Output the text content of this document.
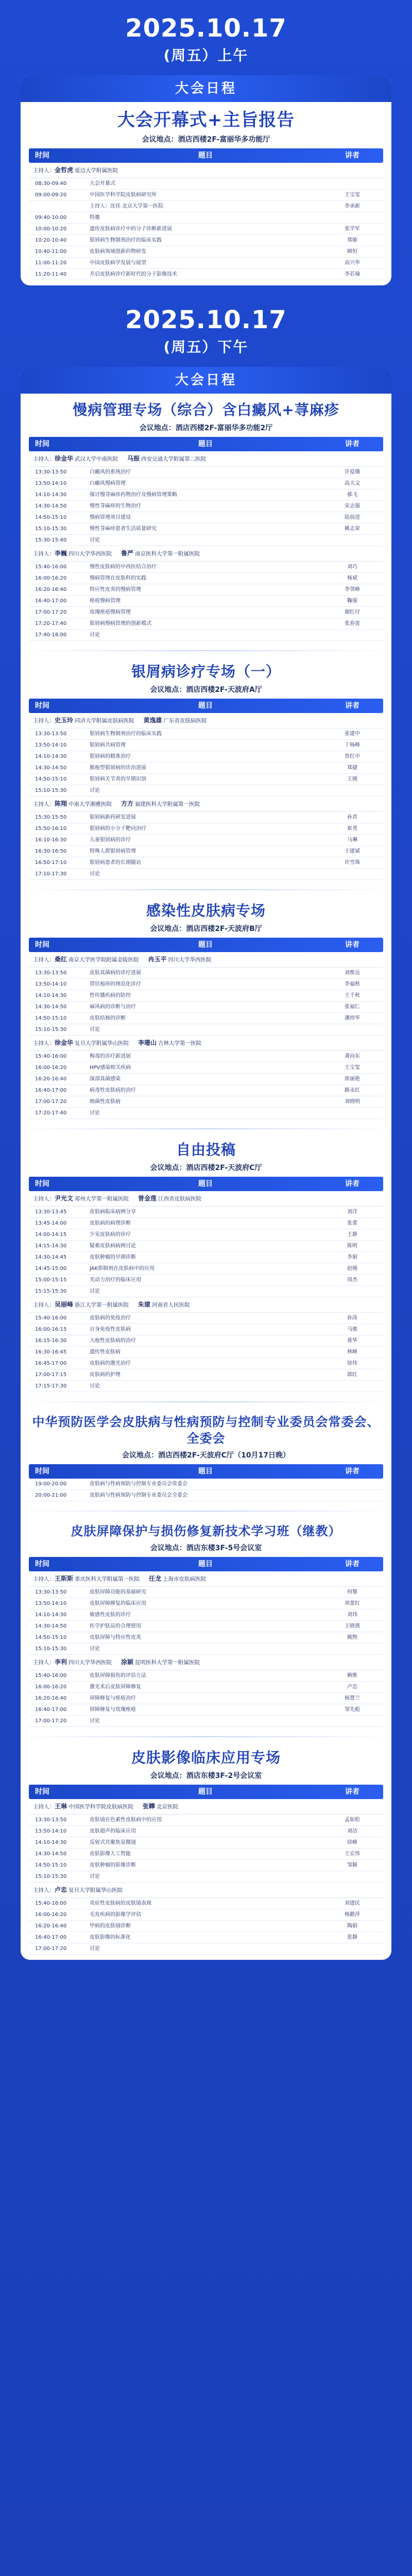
2025.10.17
(周五）上午
大会日程
大会开幕式+主旨报告
会议地点：酒店西楼2F-富丽华多功能厅
时间	题目	讲者
主持人：金哲虎 延边大学附属医院
08:30-09:40	大会开幕式
09:00-09:20	中国医学科学院皮肤病研究所	王宝玺
主持人：沈佳 北京大学第一医院	李承新
09:40-10:00	特邀
10:00-10:20	遗传皮肤病诊疗中的分子诊断新进展	张学军
10:20-10:40	银屑病生物制剂治疗的临床实践	郑敏
10:40-11:00	皮肤病领域创新药物研发	顾恒
11:00-11:20	中国皮肤病学发展与展望	高兴华
11:20-11:40	开启皮肤病诊疗新时代的分子影像技术	李若瑜
2025.10.17
(周五）下午
大会日程
慢病管理专场（综合）含白癜风+荨麻疹
会议地点：酒店西楼2F-富丽华多功能2厅
时间	题目	讲者
主持人：徐金华 武汉大学中南医院 马振 西安交通大学附属第二医院
13:30-13:50	白癜风的系统治疗	许爱娥
13:50-14:10	白癜风慢病管理	高天文
14:10-14:30	探讨慢荨麻疹药物治疗及慢病管理策略	郝飞
14:30-14:50	慢性荨麻疹的生物治疗	宋志强
14:50-15:10	慢病管理项目建设	陆前进
15:10-15:30	慢性荨麻疹患者生活质量研究	姚志荣
15:30-15:40	讨论
主持人：李巍 四川大学华西医院 鲁严 南京医科大学第一附属医院
15:40-16:00	慢性皮肤病的中西医结合治疗	刘巧
16:00-16:20	慢病管理在皮肤科的实践	杨斌
16:20-16:40	特应性皮炎的慢病管理	李邻峰
16:40-17:00	痤疮慢病管理	鞠强
17:00-17:20	玫瑰痤疮慢病管理	谢红付
17:20-17:40	银屑病慢病管理的创新模式	张春雷
17:40-18:00	讨论
银屑病诊疗专场（一）
会议地点：酒店西楼2F-天波府A厅
时间	题目	讲者
主持人：史玉玲 同济大学附属皮肤病医院 黄逸雄 广东省皮肤病医院
13:30-13:50	银屑病生物制剂治疗的临床实践	张建中
13:50-14:10	银屑病共病管理	丁杨峰
14:10-14:30	银屑病的精准治疗	晋红中
14:30-14:50	脓疱型银屑病的诊治进展	郑捷
14:50-15:10	银屑病关节炎的早期识别	王刚
15:10-15:30	讨论
主持人：陈翔 中南大学湘雅医院 方方 福建医科大学附属第一医院
15:30-15:50	银屑病新药研发进展	孙青
15:50-16:10	银屑病的小分子靶向治疗	崔勇
16:10-16:30	儿童银屑病的诊疗	马琳
16:30-16:50	特殊人群银屑病管理	于建斌
16:50-17:10	银屑病患者的长期随访	许雪珠
17:10-17:30	讨论
感染性皮肤病专场
会议地点：酒店西楼2F-天波府B厅
时间	题目	讲者
主持人：桑红 南京大学医学院附属金陵医院 冉玉平 四川大学华西医院
13:30-13:50	皮肤真菌病的诊疗进展	刘维达
13:50-14:10	带状疱疹的规范化诊疗	李福秋
14:10-14:30	性传播疾病的防控	王千秋
14:30-14:50	麻风病的诊断与治疗	张福仁
14:50-15:10	皮肤结核的诊断	潘炜华
15:10-15:30	讨论
主持人：徐金华 复旦大学附属华山医院 李珊山 吉林大学第一医院
15:40-16:00	梅毒的诊疗新进展	龚向东
16:00-16:20	HPV感染相关疾病	王宝玺
16:20-16:40	深部真菌感染	席丽艳
16:40-17:00	病毒性皮肤病的治疗	路永红
17:00-17:20	细菌性皮肤病	刘晓明
17:20-17:40	讨论
自由投稿
会议地点：酒店西楼2F-天波府C厅
时间	题目	讲者
主持人：尹光文 郑州大学第一附属医院 曾金莲 江西省皮肤病医院
13:30-13:45	皮肤病临床病例分享	刘洋
13:45-14:00	皮肤病的病理诊断	张蕾
14:00-14:15	少见皮肤病的诊疗	王静
14:15-14:30	疑难皮肤病病例讨论	陈明
14:30-14:45	皮肤肿瘤的早期诊断	李娟
14:45-15:00	JAK抑制剂在皮肤病中的应用	赵刚
15:00-15:15	光动力治疗的临床应用	周杰
15:15-15:30	讨论
主持人：吴丽峰 浙江大学第一附属医院 朱建 河南省人民医院
15:40-16:00	皮肤病的免疫治疗	孙涛
16:00-16:15	自身免疫性皮肤病	马骏
16:15-16:30	大疱性皮肤病的治疗	黄华
16:30-16:45	遗传性皮肤病	林峰
16:45-17:00	皮肤病的激光治疗	徐伟
17:00-17:15	皮肤病的护理	郭红
17:15-17:30	讨论
中华预防医学会皮肤病与性病预防与控制专业委员会常委会、全委会
会议地点：酒店西楼2F-天波府C厅（10月17日晚）
时间	题目	讲者
19:00-20:00	皮肤病与性病预防与控制专业委员会常委会
20:00-21:00	皮肤病与性病预防与控制专业委员会全委会
皮肤屏障保护与损伤修复新技术学习班（继教）
会议地点：酒店东楼3F-5号会议室
时间	题目	讲者
主持人：王斯斯 重庆医科大学附属第一医院 任龙 上海市皮肤病医院
13:30-13:50	皮肤屏障功能的基础研究	何黎
13:50-14:10	皮肤屏障修复的临床应用	项蕾红
14:10-14:30	敏感性皮肤的诊疗	刘玮
14:30-14:50	医学护肤品的合理使用	王晓燕
14:50-15:10	皮肤屏障与特应性皮炎	姚煦
15:10-15:30	讨论
主持人：李利 四川大学华西医院 涂颖 昆明医科大学第一附属医院
15:40-16:00	皮肤屏障损伤的评估方法	赖维
16:00-16:20	激光术后皮肤屏障修复	卢忠
16:20-16:40	屏障修复与痤疮治疗	杨慧兰
16:40-17:00	屏障修复与玫瑰痤疮	邹先彪
17:00-17:20	讨论
皮肤影像临床应用专场
会议地点：酒店东楼3F-2号会议室
时间	题目	讲者
主持人：王琳 中国医学科学院皮肤病医院 张韡 北京医院
13:30-13:50	皮肤镜在色素性皮肤病中的应用	孟如松
13:50-14:10	皮肤超声的临床应用	刘洁
14:10-14:30	反射式共聚焦显微镜	徐峰
14:30-14:50	皮肤影像人工智能	王宏伟
14:50-15:10	皮肤肿瘤的影像诊断	邹颖
15:10-15:30	讨论
主持人：卢忠 复旦大学附属华山医院
15:40-16:00	炎症性皮肤病的皮肤镜表现	刘建民
16:00-16:20	毛发疾病的影像学评估	杨勤萍
16:20-16:40	甲病的皮肤镜诊断	陶娟
16:40-17:00	皮肤影像的标准化	张静
17:00-17:20	讨论
